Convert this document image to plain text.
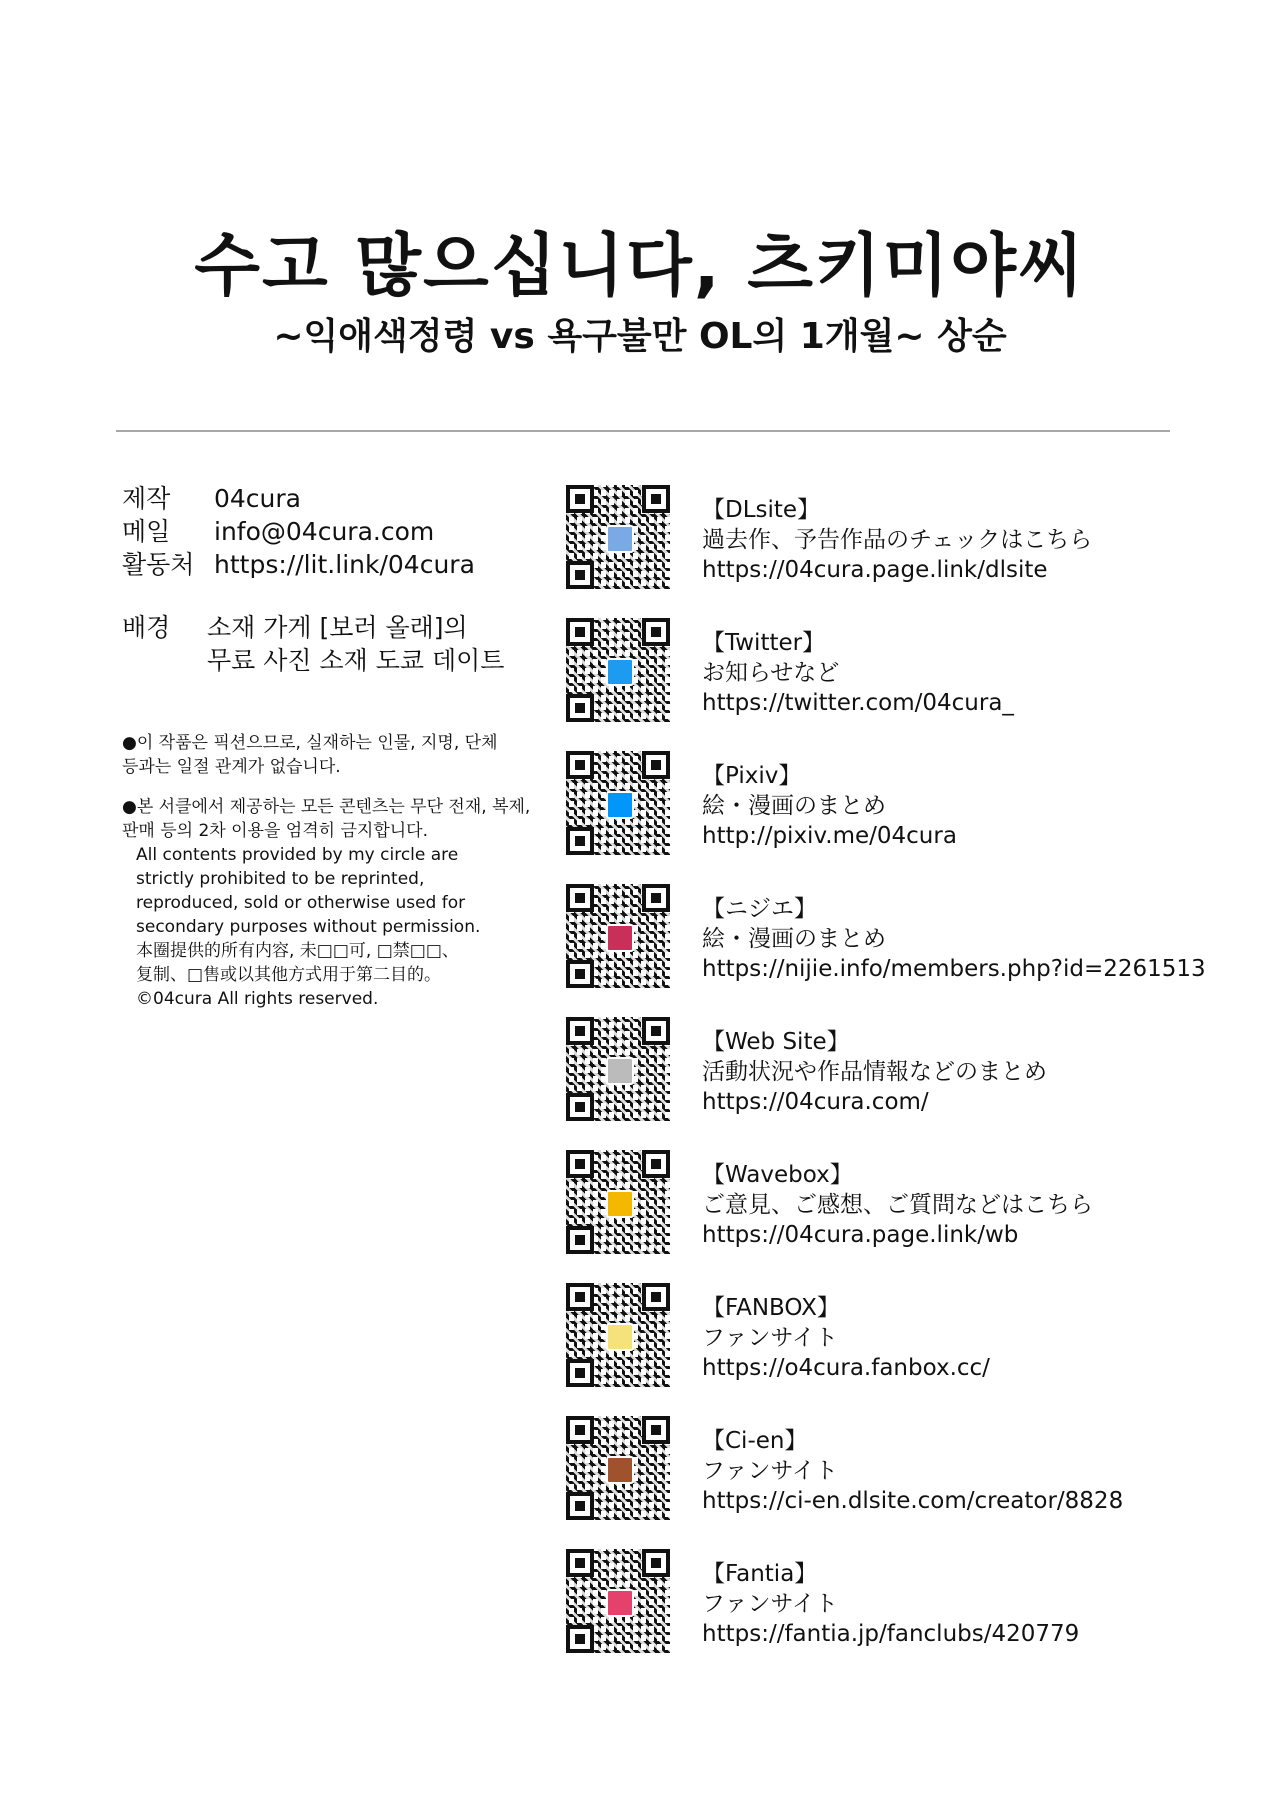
수고 많으십니다, 츠키미야씨
~익애색정령 vs 욕구불만 OL의 1개월~ 상순
제작	04cura
메일	info@04cura.com
활동처 https://lit.link/04cura
배경	소재 가게 [보러 올래]의
무료 사진 소재 도쿄 데이트

●이 작품은 픽션으므로, 실재하는 인물, 지명, 단체

등과는 일절 관계가 없습니다.

●본 서클에서 제공하는 모든 콘텐츠는 무단 전재, 복제,

판매 등의 2차 이용을 엄격히 금지합니다.

All contents provided by my circle are

strictly prohibited to be reprinted,

reproduced, sold or otherwise used for

secondary purposes without permission.

本圈提供的所有内容, 未□□可, □禁□□、

复制、□售或以其他方式用于第二目的。

©04cura All rights reserved.

【DLsite】
過去作、予告作品のチェックはこちら
https://04cura.page.link/dlsite
【Twitter】
お知らせなど
https://twitter.com/04cura_
【Pixiv】
絵・漫画のまとめ
http://pixiv.me/04cura
【ニジエ】
絵・漫画のまとめ
https://nijie.info/members.php?id=2261513
【Web Site】
活動状況や作品情報などのまとめ
https://04cura.com/
【Wavebox】
ご意見、ご感想、ご質問などはこちら
https://04cura.page.link/wb
【FANBOX】
ファンサイト
https://o4cura.fanbox.cc/
【Ci-en】
ファンサイト
https://ci-en.dlsite.com/creator/8828
【Fantia】
ファンサイト
https://fantia.jp/fanclubs/420779
